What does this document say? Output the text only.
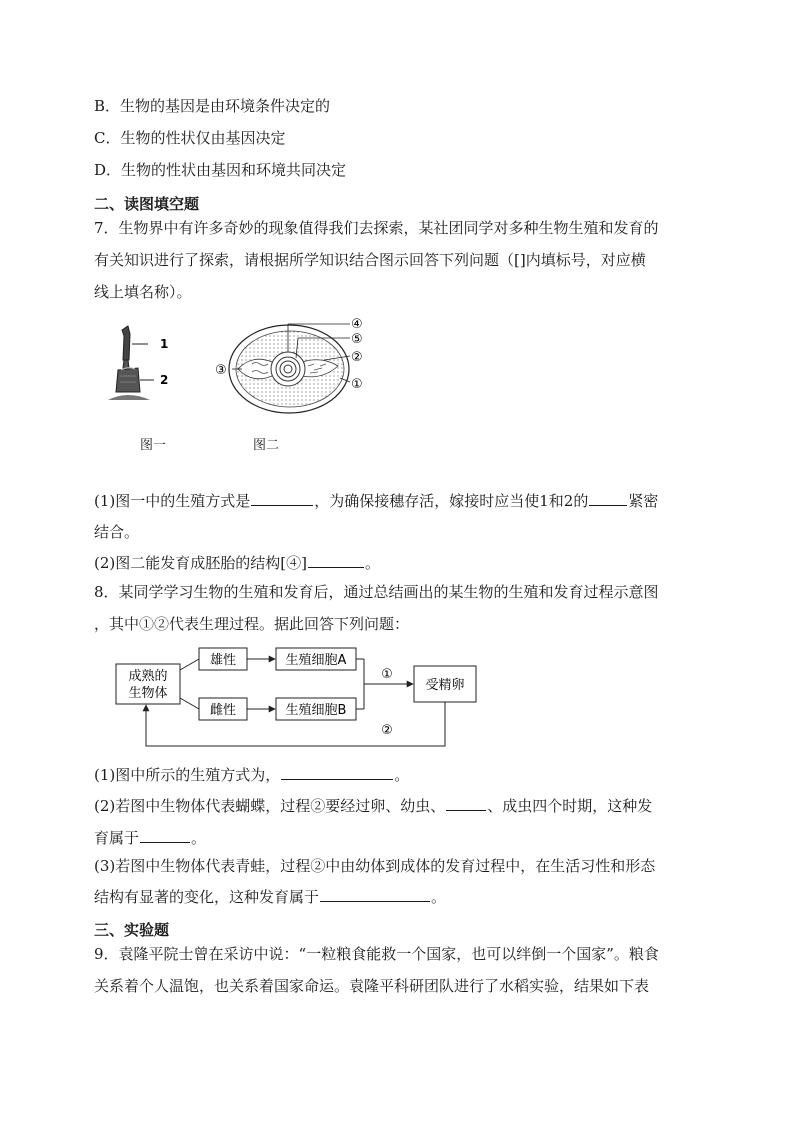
B．生物的基因是由环境条件决定的
C．生物的性状仅由基因决定
D．生物的性状由基因和环境共同决定
二、读图填空题
7．生物界中有许多奇妙的现象值得我们去探索，某社团同学对多种生物生殖和发育的
有关知识进行了探索，请根据所学知识结合图示回答下列问题（[]内填标号，对应横
线上填名称）。
1
2
图一
④
⑤
②
③
①
图二
(1)图一中的生殖方式是	，为确保接穗存活，嫁接时应当使1和2的	紧密
结合。
(2)图二能发育成胚胎的结构[④]	。
8．某同学学习生物的生殖和发育后，通过总结画出的某生物的生殖和发育过程示意图
，其中①②代表生理过程。据此回答下列问题：
成熟的
生物体
雄性
雌性
生殖细胞A
生殖细胞B
①
受精卵
②
(1)图中所示的生殖方式为，	。
(2)若图中生物体代表蝴蝶，过程②要经过卵、幼虫、	、成虫四个时期，这种发
育属于	。
(3)若图中生物体代表青蛙，过程②中由幼体到成体的发育过程中，在生活习性和形态
结构有显著的变化，这种发育属于	。
三、实验题
9．袁隆平院士曾在采访中说：“一粒粮食能救一个国家，也可以绊倒一个国家”。粮食
关系着个人温饱，也关系着国家命运。袁隆平科研团队进行了水稻实验，结果如下表
